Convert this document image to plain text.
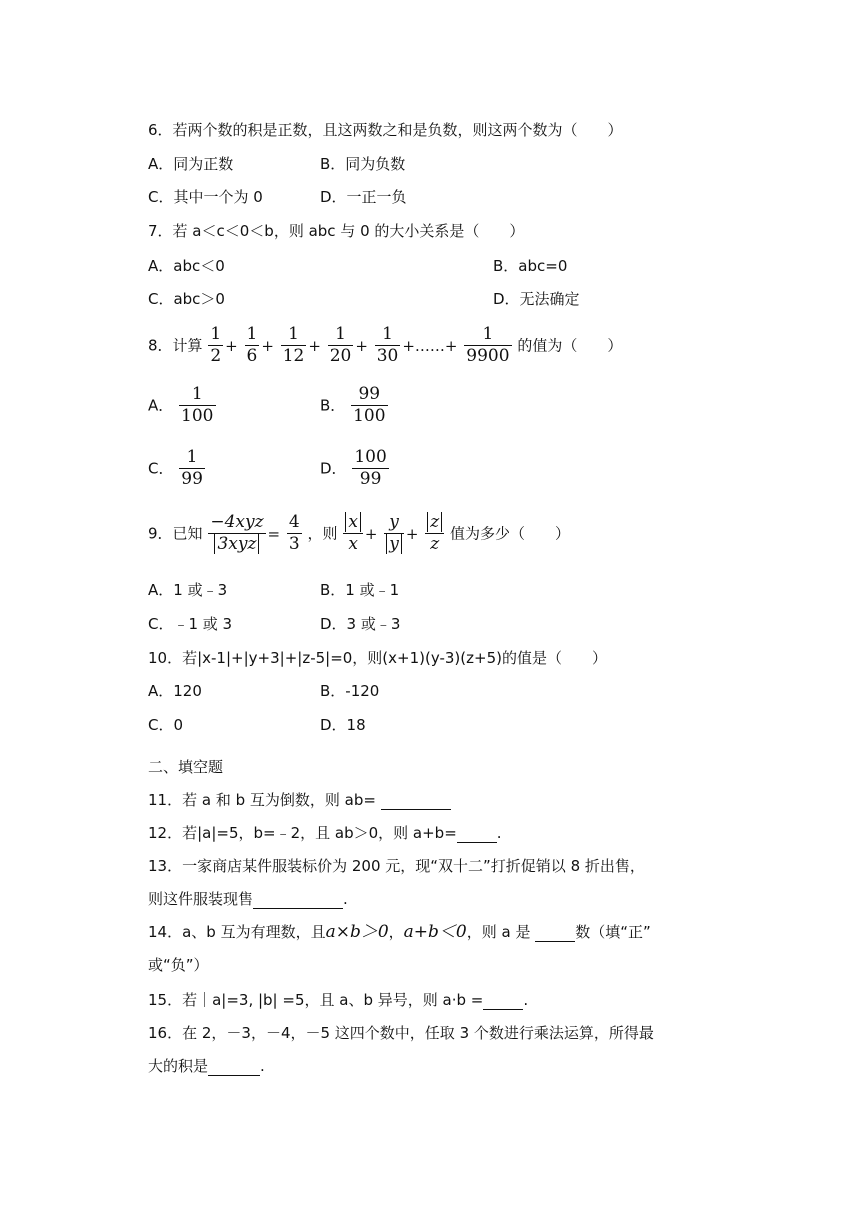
6．若两个数的积是正数，且这两数之和是负数，则这两个数为（　　）
A．同为正数	B．同为负数
C．其中一个为 0	D．一正一负
7．若 a＜c＜0＜b，则 abc 与 0 的大小关系是（　　）
A．abc＜0	B．abc=0
C．abc＞0	D．无法确定
8．计算 $\frac{1}{2} + \frac{1}{6} + \frac{1}{12} + \frac{1}{20} + \frac{1}{30}$ +……+ $\frac{1}{9900}$ 的值为（　　）
A． $\frac{1}{100}$	B． $\frac{99}{100}$
C． $\frac{1}{99}$	D． $\frac{100}{99}$
9．已知 $\frac{\text{−4xyz}}{\text{3xyz}} = \frac{4}{3}$ ，则 $\frac{x}{x} + \frac{y}{y} + \frac{z}{z}$ 值为多少（　　）
A．1 或﹣3	B．1 或﹣1
C．﹣1 或 3	D．3 或﹣3
10．若|x-1|+|y+3|+|z-5|=0，则(x+1)(y-3)(z+5)的值是（　　）
A．120	B．-120
C．0	D．18
二、填空题
11．若 a 和 b 互为倒数，则 ab=
12．若|a|=5，b=﹣2，且 ab＞0，则 a+b=	.
13．一家商店某件服装标价为 200 元，现“双十二”打折促销以 8 折出售，
则这件服装现售	.
14．a、b 互为有理数，且a×b＞0，a+b＜0，则 a 是	数（填“正”
或“负”）
15．若｜a|=3, |b| =5，且 a、b 异号，则 a·b =	.
16．在 2，－3，－4，－5 这四个数中，任取 3 个数进行乘法运算，所得最
大的积是	.
